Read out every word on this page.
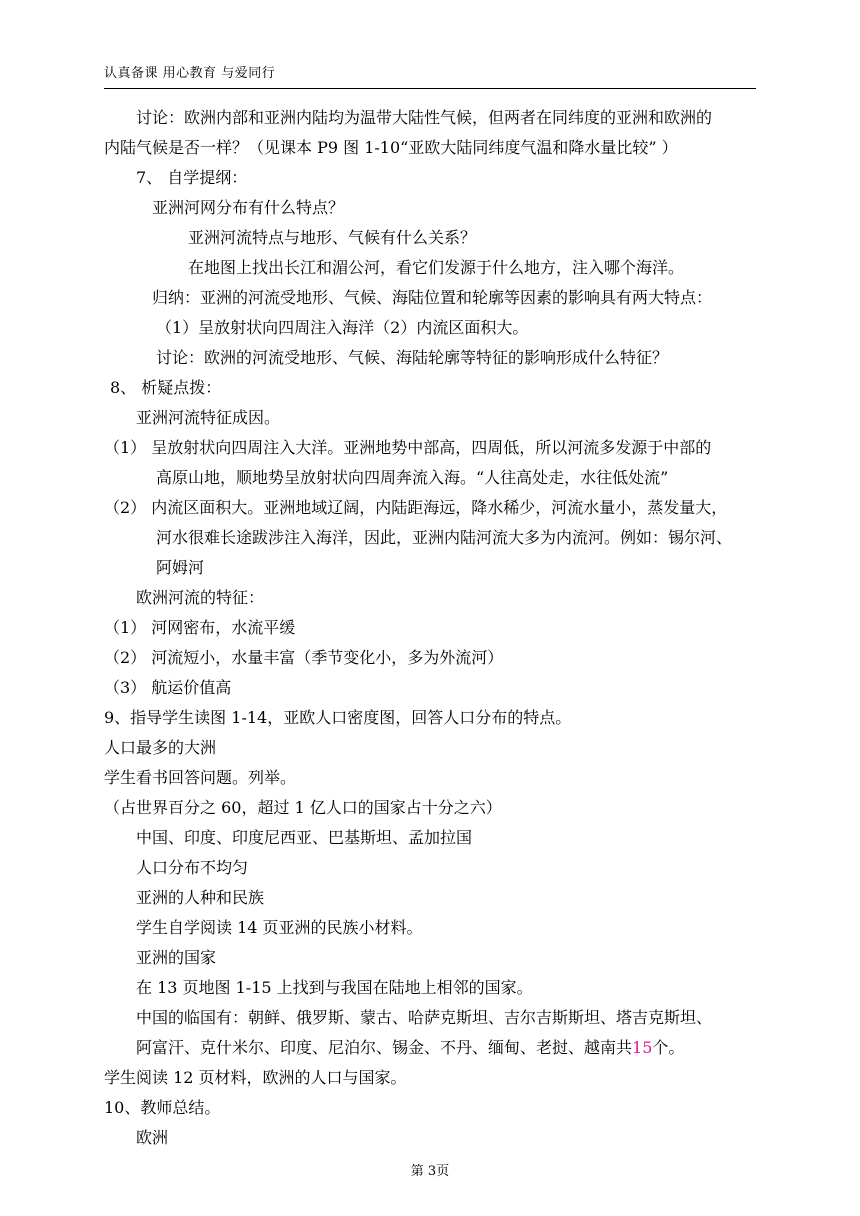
认真备课 用心教育 与爱同行
讨论：欧洲内部和亚洲内陆均为温带大陆性气候，但两者在同纬度的亚洲和欧洲的
内陆气候是否一样？（见课本 P9 图 1-10“亚欧大陆同纬度气温和降水量比较” ）
7、 自学提纲：
亚洲河网分布有什么特点？
亚洲河流特点与地形、气候有什么关系？
在地图上找出长江和湄公河，看它们发源于什么地方，注入哪个海洋。
归纳：亚洲的河流受地形、气候、海陆位置和轮廓等因素的影响具有两大特点：
（1）呈放射状向四周注入海洋（2）内流区面积大。
讨论：欧洲的河流受地形、气候、海陆轮廓等特征的影响形成什么特征？
8、 析疑点拨：
亚洲河流特征成因。
（1） 呈放射状向四周注入大洋。亚洲地势中部高，四周低，所以河流多发源于中部的
高原山地，顺地势呈放射状向四周奔流入海。“人往高处走，水往低处流”
（2） 内流区面积大。亚洲地域辽阔，内陆距海远，降水稀少，河流水量小，蒸发量大，
河水很难长途跋涉注入海洋，因此，亚洲内陆河流大多为内流河。例如：锡尔河、
阿姆河
欧洲河流的特征：
（1） 河网密布，水流平缓
（2） 河流短小，水量丰富（季节变化小，多为外流河）
（3） 航运价值高
9、指导学生读图 1-14，亚欧人口密度图，回答人口分布的特点。
人口最多的大洲
学生看书回答问题。列举。
（占世界百分之 60，超过 1 亿人口的国家占十分之六）
中国、印度、印度尼西亚、巴基斯坦、孟加拉国
人口分布不均匀
亚洲的人种和民族
学生自学阅读 14 页亚洲的民族小材料。
亚洲的国家
在 13 页地图 1-15 上找到与我国在陆地上相邻的国家。
中国的临国有：朝鲜、俄罗斯、蒙古、哈萨克斯坦、吉尔吉斯斯坦、塔吉克斯坦、
阿富汗、克什米尔、印度、尼泊尔、锡金、不丹、缅甸、老挝、越南共15个。
学生阅读 12 页材料，欧洲的人口与国家。
10、教师总结。
欧洲
第 3页
